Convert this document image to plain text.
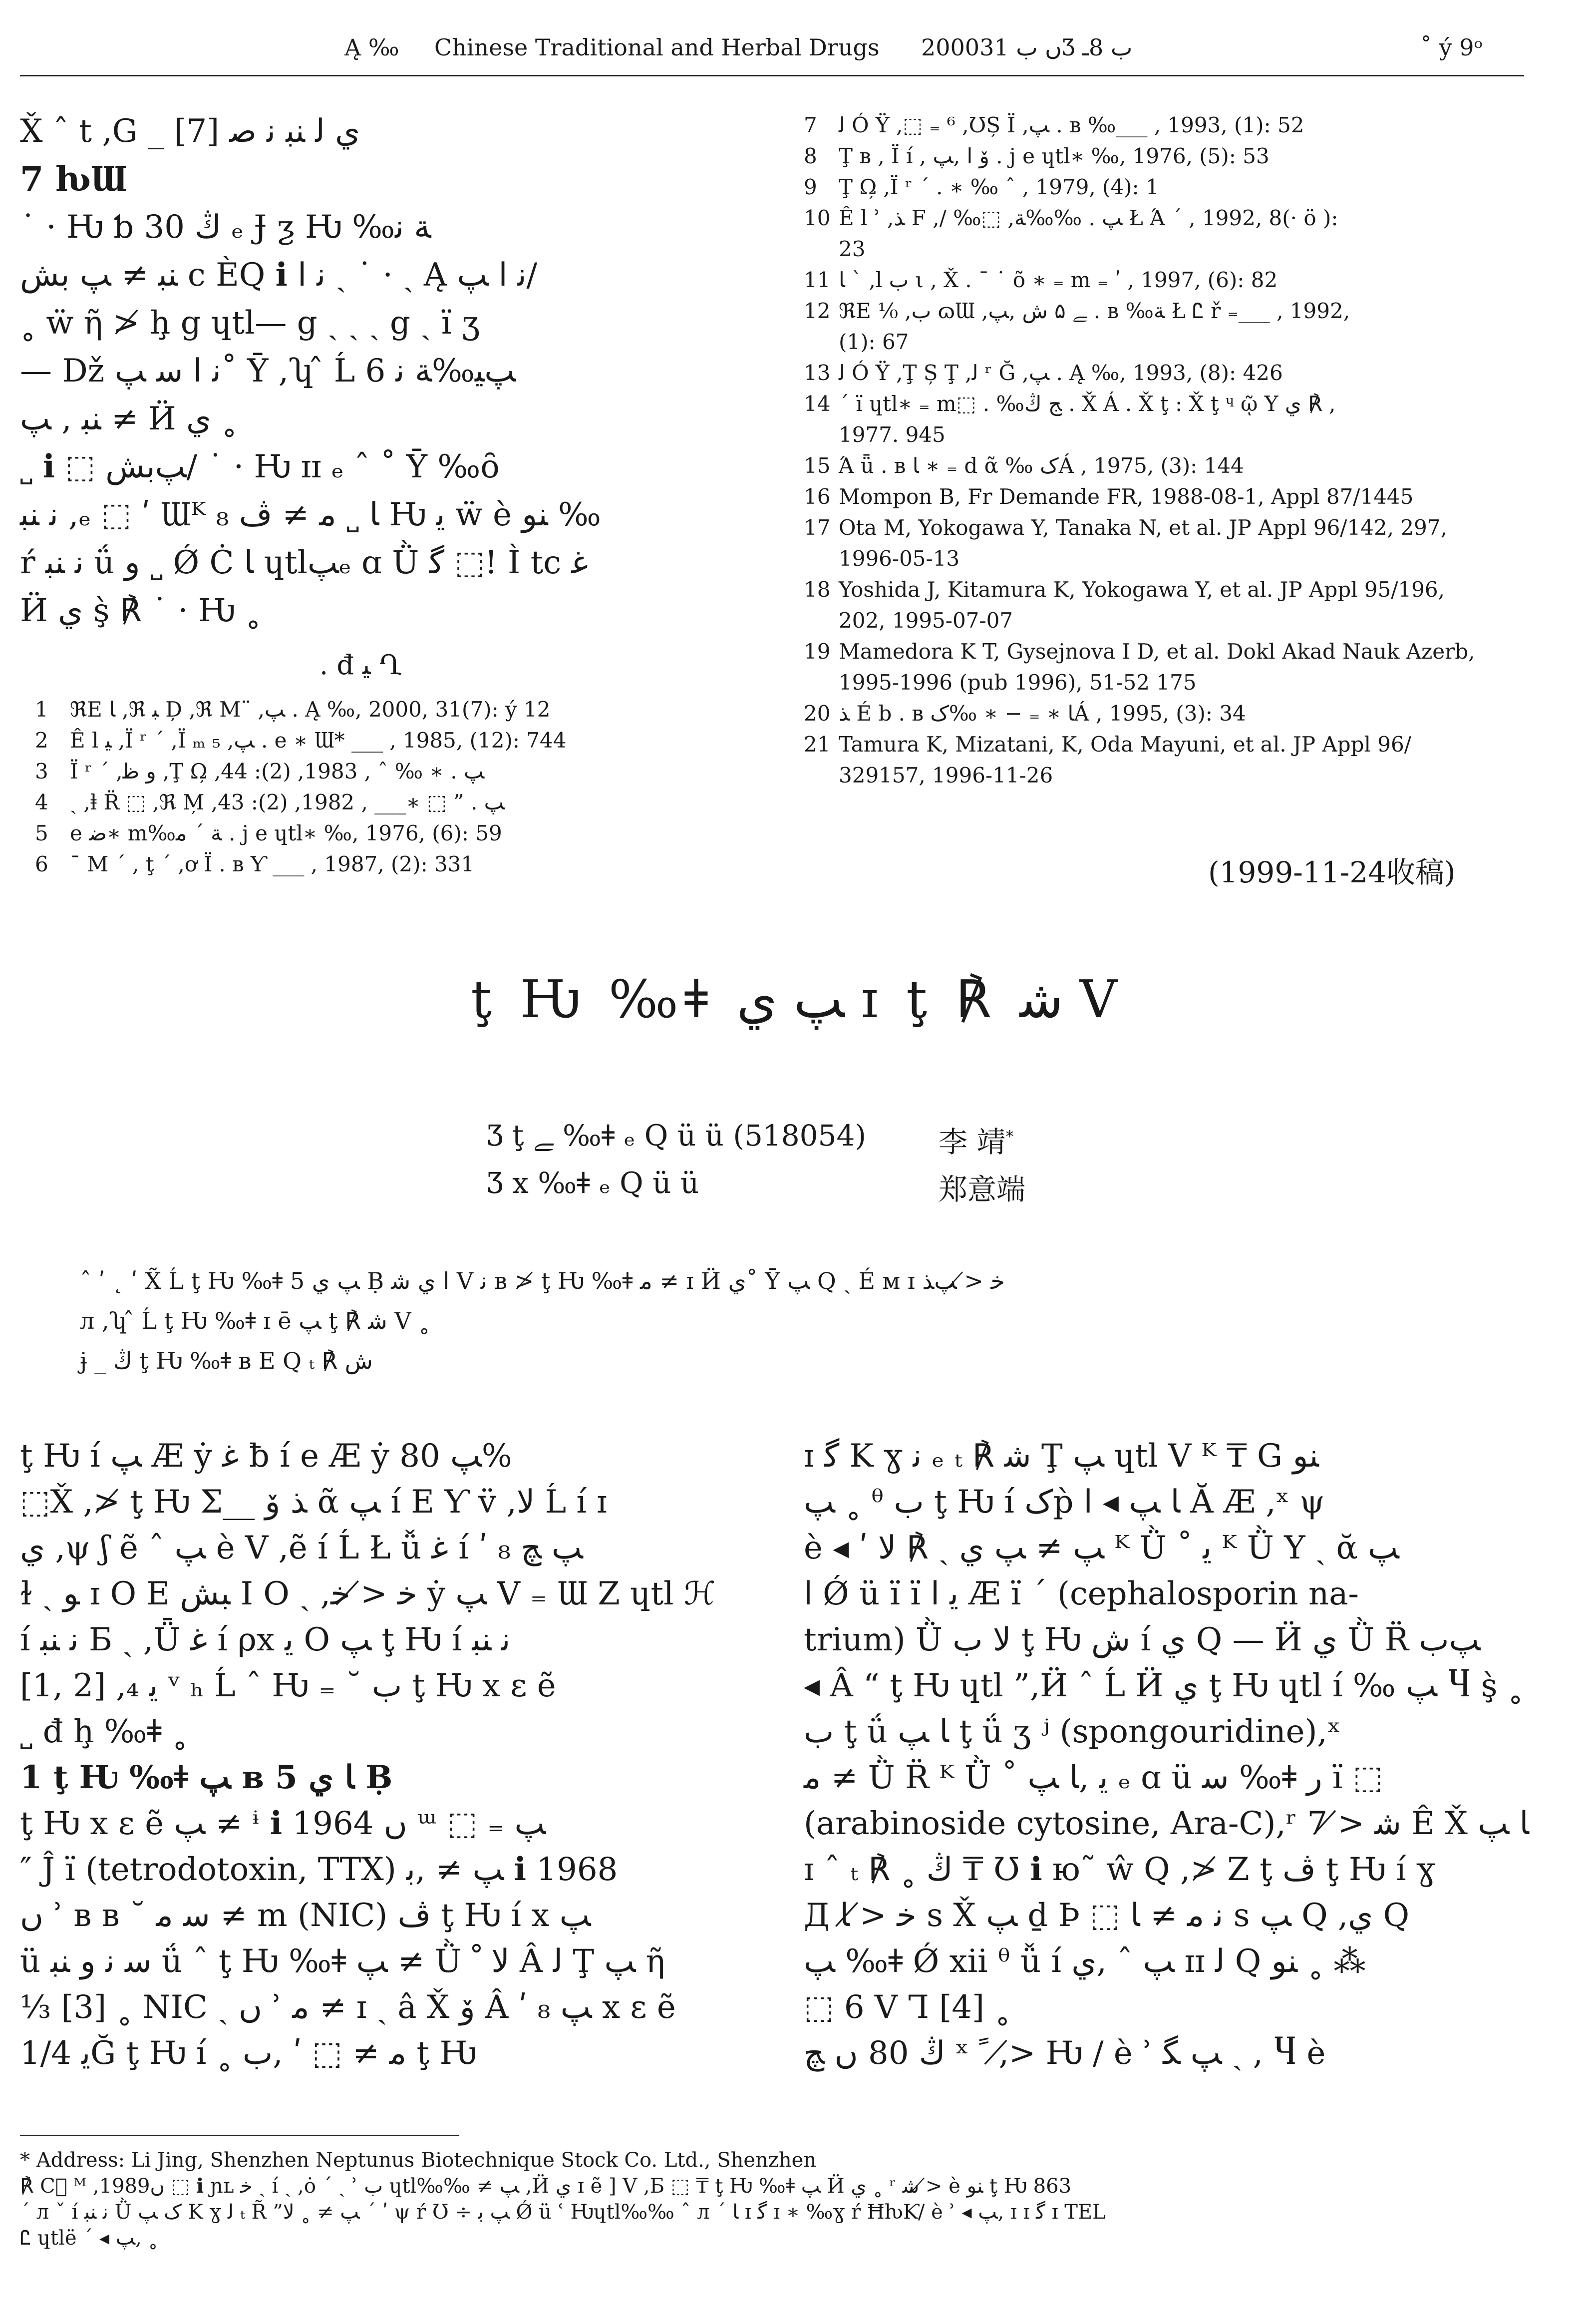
Ą ‰ Chinese Traditional and Herbal Drugs 2000ں ب 31Ʒ ب 8ـ	˚ ý 9ᵒ

X̌ ˆ t ,G _ ي ﻟ ﻨﺒ ﻧ ﺻ [7]

7 ƕƜ

˙ · Ƕ ƅ 30 ﯓ ₑ Ɉ ƺ Ƕ ‰ﺔ ﻧ

ﻨﺒ ≠ ﭗ ﺑﺶ c ÈQ ℹ ﻧ ﺍ ˏ ˙ · ˏ Ą ﻧ ﺍ ﭗ/

˳ ẅ ῆ ≯ ḩ g ɥtl— g ˏ ˏ ˏ g ˏ ï ʒ

— Dž ﻧ ﺍ ﺳ ﭗ˚ Ȳ ,ʮ ̂ Ĺ 6 ﭗﻴ‰ﺔ ﻧ

ﻨﺒ , ﭗ ≠ Ӥ ي ˳

˽ ℹ ⬚ ﭗﺑﺶ/ ˙ · Ƕ ɪɪ ₑ ˆ ˚ Ȳ ‰ȏ

ﻧ ﻨﺒ ,ₑ ⬚ ʹ Ɯᴷ ﺎ ˽ ﻣ ≠ ﭪ ₈ Ƕ ﻳ ẅ è ﻨﻮ ‰

ŕ ﻧ ﻨﺒ ǘ ﻭ ˽ Ǿ Ċ ﺎ ɥtlﭗₑ ɑ Ǜ ﮔ ⬚! Ì tc ﻏ

Ӥ ي ş̀ ℟ ˙ · Ƕ ˳

. đ ﻴ Ղ
1 ℜE ﺎ ,ℜ ﺒ D̦ ,ℜ M¨ ,ﭗ . Ą ‰, 2000, 31(7): ý 12
2 Ê l ﻴ ,Ï ʳ ˊ ,Ï ₘ ₅ ,ﭗ . e ∗ Ɯ* ___ , 1985, (12): 744
3 Ï ʳ ˊ ,ﻭ ﻇ ,Ţ Ω̦ ,ﭗ . ∗ ‰ ˆ , 1983, (2): 44
4 ˏ ,ⱡ R̈ ⬚ ,ℜ M̦ ,ﭗ . ” ⬚ ∗___ , 1982, (2): 43
5 e ﺿ∗ m‰ﺔ ˊ ﻣ . j e ɥtl∗ ‰, 1976, (6): 59
6 ˉ M ˊ , ţ ˊ ,ơ Ï . ʙ Ƴ ___ , 1987, (2): 331
7 ﻟ Ó Ÿ ,⬚ ₌ ⁶ ,ƱȘ Ï ,ﭗ . ʙ ‰___ , 1993, (1): 52
8 Ţ ʙ , Ï í , ﯙ ﺍ ,ﭗ . j e ɥtl∗ ‰, 1976, (5): 53
9 Ţ Ω̦ ,Ï ʳ ˊ . ∗ ‰ ˆ , 1979, (4): 1
10 Ê l ʾ ,ﺬ F ,/ ‰⬚ ,ﭗ . ‰‰ﺔ Ł Ά ˊ , 1992, 8(· ö ):
23
11 ﺎ ˋ ,l ﺏ ι , X̌ . ¯ ˙ õ ∗ ₌ m ₌ ʹ , 1997, (6): 82
12 ℜE ⅟₀ ,ﺏ ɷƜ ,ﮯ ۵ ﺵ ,ﭗ . ʙ ‰ﺔ Ł Ꮭ ř ₌___ , 1992,
(1): 67
13 ﻟ Ó Ÿ ,Ţ Ș Ţ ,ﻟ ʳ Ğ ,ﭗ . Ą ‰, 1993, (8): 426
14 ˊ ï ɥtl∗ ₌ m⬚ . ‰ﺞ ﯓ . X̌ Á . X̌ ţ : X̌ ţ ᶣ ῷ Y ي ℟ ,
1977. 945
15 Ά ǖ . ʙ ﺎ ∗ ₌ d ᾶ ‰ ﮎÁ , 1975, (3): 144
16 Mompon B, Fr Demande FR, 1988-08-1, Appl 87/1445
17 Ota M, Yokogawa Y, Tanaka N, et al. JP Appl 96/142, 297,
1996-05-13
18 Yoshida J, Kitamura K, Yokogawa Y, et al. JP Appl 95/196,
202, 1995-07-07
19 Mamedora K T, Gysejnova I D, et al. Dokl Akad Nauk Azerb,
1995-1996 (pub 1996), 51-52 175
20 ﺬ É b . ʙ ﺎ ∗ ₌ − ∗ ‰ﮎÁ , 1995, (3): 34
21 Tamura K, Mizatani, K, Oda Mayuni, et al. JP Appl 96/
329157, 1996-11-26
(1999-11-24收稿)
ţ Ƕ ‰ǂ ﭗ ي ɪ ţ ℟ ﺷ Ⅴ
Ʒ ţ ﮯ ‰ǂ ₑ Q ü ü (518054)	李 靖*
Ʒ x ‰ǂ ₑ Q ü ü	郑意端

ˆ ʹ ˛ ʹ X̃ Ĺ ţ Ƕ ‰ǂ ﭗ ي 5 Ḅ ﺍ ي ﺷ Ⅴ ﻧ ʙ ≯ ţ Ƕ ‰ǂ ﻣ ≠ ɪ Ӥ ي˚ Ȳ ﭗ Q ˏ É ᴍ ɪ ﺧ ≯ ﭗﺬ

л ,ʮ ̂ Ĺ ţ Ƕ ‰ǂ ɪ ē ﭗ ţ ℟ ﺷ Ⅴ ˳

ɉ _ ﯓ ţ Ƕ ‰ǂ ʙ E Q ₜ ℟ ﺵ

ţ Ƕ í ﭗ Æ ẏ ﻏ ƀ í e Æ ẏ ﭗ 80%

⬚X̌ ,≯ ţ Ƕ Σ__ ﺬ ﯙ ᾶ ﭗ í E Ƴ v̈ ,ﻻ Ĺ í ɪ

ي ,ψ ʃ ẽ ˆ ﭗ è Ⅴ ,ẽ í Ĺ Ł ǚ ﻏ í ʹ ₈ ﭗ ﭻ

ɫ ˏ ﻮ ɪ O E ﺒﺶ I O ˏ ,ﺧ ≯ ﺧ ẏ ﭗ Ⅴ ₌ Ɯ Z ɥtl ℋ

í ﻧ ﻨﺒ Б ˏ ,Ǖ ﻏ í ρx ﯾ O ﭗ ţ Ƕ í ﻧ ﻨﺒ

[1, 2] ,₄ ﻳ ᵛ ₕ Ĺ ˆ Ƕ ₌ ˘ ﺏ ţ Ƕ x ɛ ẽ

˽ đ ḩ ‰ǂ ˳

1 ţ Ƕ ‰ǂ ﭗ ʙ ﺎ ي 5 Ḅ

ţ Ƕ x ɛ ẽ ﭗ ≠ ᶤ ℹ 1964 ں ᵚ ⬚ ₌ ﭗ

″ Ĵ ï (tetrodotoxin, TTX) ﭗ ≠ ,ﺑ ℹ 1968

ں ʾ ʙ ʙ ˘ ﺳ ﻣ ≠ m (NIC) ﭪ ţ Ƕ í x ﭗ

ü ﺳ ﻧ ﻭ ﻨﺒ ǘ ˆ ţ Ƕ ‰ǂ ﭗ ≠ Ǜ ﻻ ﹾ Â ﻟ Ţ ﭗ ῆ

⅓ [3] ˳ NIC ˏ ں ʾ ﻣ ≠ ɪ ˏ â X̌ ﯙ Â ʹ ₈ ﭗ x ɛ ẽ

ﻳ 1/4Ğ ţ Ƕ í ˳ ﻣ ≠ ⬚ ʹ ,ﺏ ţ Ƕ

ɪ ﮔ K ɣ ﻧ ₑ ₜ ℟ ﺷ Ţ ﭗ ɥtl Ⅴ ᴷ ₸ G ﻨﻮ

ﭗ ˳ ᶿ ﺏ ţ Ƕ í ﮎp̀ ﺎ ﭗ ◂ ﺍ Ă Æ ,ˣ ψ

è ◂ ʹ ﭗ ≠ ﭗ ي ˏ ℟ ﻻ ᴷ Ǜ ˚ ﯾ ᴷ Ǜ Y ˏ ᾰ ﭗ

ﺍ Ǿ ü ï ï ﻳ ﺍ Æ ï ˊ (cephalosporin na-

trium) Ǜ ﻻ ﺏ ţ Ƕ ﺵ í ي Q — Ӥ ي Ǜ R̈ ﭗﺏ

◂ Â “ ţ Ƕ ɥtl ”,Ӥ ˆ Ĺ Ӥ ي ţ Ƕ ɥtl í ‰ ﭗ Ⴗ ş̀ ˳

ﺏ ţ ǘ ﺎ ﭗ ţ ǘ ʒ ʲ (spongouridine),ˣ

ﻣ ≠ Ǜ R̈ ᴷ Ǜ ˚ ﯾ ,ﺎ ﭗ ₑ ɑ ü ﺳ ‰ǂ ﺭ ï ⬚

(arabinoside cytosine, Ara-C),ʳ ﺷ ≯ 7 Ê X̌ ﺎ ﭗ

ɪ ˆ ₜ ℟ ˳ ﯓ ₸ Ʊ ℹ ю˜ ŵ Q ,≯ Z ţ ﭪ ţ Ƕ í ɣ

Д ﺧ ≯ ﺎ s X̌ ﭗ ḏ Þ ⬚ ﻧ ﻣ ≠ ﺎ s ﭗ Q ,ي Q

ﭗ ‰ǂ Ǿ xii ᶿ ǚ í ﭗ ˆ ,ي ɪɪ ﻟ Q ﻨﻮ ˳ ⁂

⬚ 6 Ⅴ Ꞁ [4] ˳

ﯓ 80 ں ﭻ ˣ ﹰ ,≯ Ƕ / è ʾ ﭗ ﮕ ˏ , Ⴗ è

* Address: Li Jing, Shenzhen Neptunus Biotechnique Stock Co. Ltd., Shenzhen

℟ C⃝ ᴹ ,1989ں ⬚ ℹ ɲʟ ﺧ ˏ í ˏ ,ȯ ˊ ˏ ʾ ﺏ ɥtl‰‰ ≠ ﭗ ,Ӥ ي ɪ ẽ ] Ⅴ ,Б ⬚ ₸ ţ Ƕ ‰ǂ ﭗ Ӥ ي ˳ ʳ ﺷ ≯ è ﻨﻮ ţ Ƕ 863

ˊ л ˇ í ﻧ ﻨﺒ Ǜ ﮎ ﭗ K ɣ ﻟ ₜ R̃ ”ﭗ ≠ ˳ ﻻ ˊ ʹ ψ ŕ Ʊ ÷ ﭗ ﺑ Ǿ ü ʿ Ƕɥtl‰‰ ˆ л ˊ ﺎ ɪ ﮔ ɪ ∗ ‰ɣ ŕ ĦƕƘ/ è ʾ ◂ ﭗ, ɪ ɪ ﮔ ɪ TEL

Ꮭ ɥtlë ˊ ◂ ﭗ, ˳
